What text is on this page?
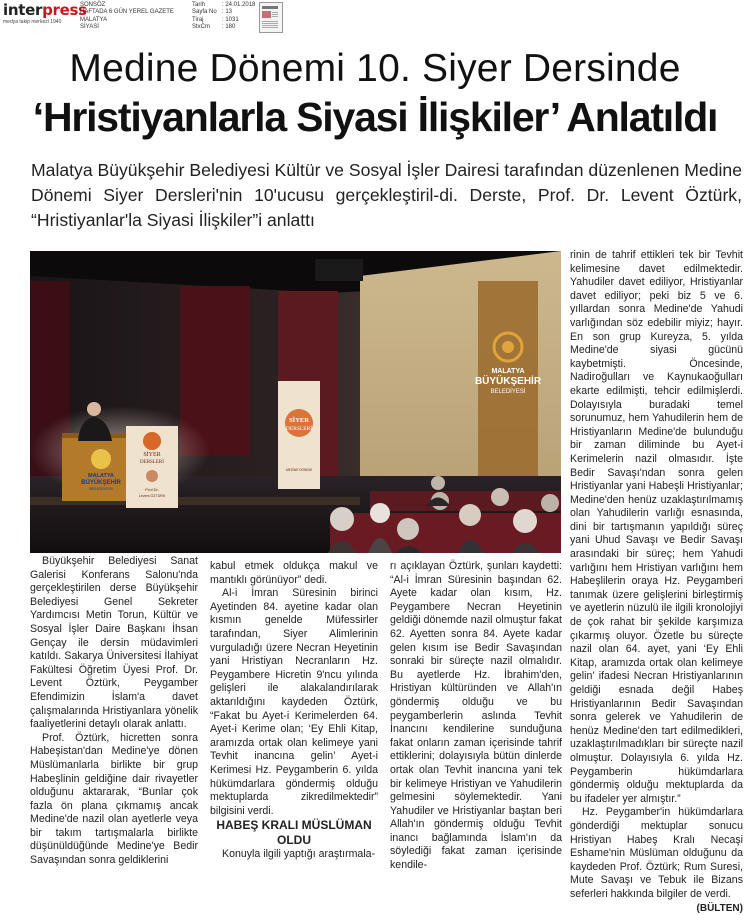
interpress
medya takip merkezi 1940
SONSÖZ
HAFTADA 6 GÜN YEREL GAZETE
MALATYA
SİYASİ
Tarih	: 24.01.2018
Sayfa No : 13
Tiraj	: 1031
StxCm : 180
Medine Dönemi 10. Siyer Dersinde
‘Hristiyanlarla Siyasi İlişkiler’ Anlatıldı
Malatya Büyükşehir Belediyesi Kültür ve Sosyal İşler Dairesi tarafından düzenlenen Medine Dönemi Siyer Dersleri'nin 10'ucusu gerçekleştiril-di. Derste, Prof. Dr. Levent Öztürk, “Hristiyanlar'la Siyasi İlişkiler”i anlattı
MALATYA
BÜYÜKŞEHİR
BELEDİYESİ
SİYER
DERSLERİ
Prof.Dr.
Levent ÖZTÜRK
SİYER
DERSLERİ
MEDİNE DÖNEMİ
MALATYA
BÜYÜKŞEHİR
BELEDİYESİ

Büyükşehir Belediyesi Sanat Galerisi Konferans Salonu'nda gerçekleştirilen derse Büyükşehir Belediyesi Genel Sekreter Yardımcısı Metin Torun, Kültür ve Sosyal İşler Daire Başkanı İhsan Gençay ile dersin müdavimleri katıldı. Sakarya Üniversitesi İlahiyat Fakültesi Öğretim Üyesi Prof. Dr. Levent Öztürk, Peygamber Efendimizin İslam'a davet çalışmalarında Hristiyanlara yönelik faaliyetlerini detaylı olarak anlattı.

Prof. Öztürk, hicretten sonra Habeşistan'dan Medine'ye dönen Müslümanlarla birlikte bir grup Habeşlinin geldiğine dair rivayetler olduğunu aktararak, “Bunlar çok fazla ön plana çıkmamış ancak Medine'de nazil olan ayetlerle veya bir takım tartışmalarla birlikte düşünüldüğünde Medine'ye Bedir Savaşından sonra geldiklerini

kabul etmek oldukça makul ve mantıklı görünüyor” dedi.

Al-i İmran Süresinin birinci Ayetinden 84. ayetine kadar olan kısmın genelde Müfessirler tarafından, Siyer Alimlerinin vurguladığı üzere Necran Heyetinin yani Hristiyan Necranların Hz. Peygambere Hicretin 9'ncu yılında gelişleri ile alakalandırılarak aktarıldığını kaydeden Öztürk, “Fakat bu Ayet-i Kerimelerden 64. Ayet-i Kerime olan; ‘Ey Ehli Kitap, aramızda ortak olan kelimeye yani Tevhit inancına gelin’ Ayet-i Kerimesi Hz. Peygamberin 6. yılda hükümdarlara göndermiş olduğu mektuplarda zikredilmektedir” bilgisini verdi.

HABEŞ KRALI MÜSLÜMAN OLDU

Konuyla ilgili yaptığı araştırmala-

rı açıklayan Öztürk, şunları kaydetti: “Al-i İmran Süresinin başından 62. Ayete kadar olan kısım, Hz. Peygambere Necran Heyetinin geldiği dönemde nazil olmuştur fakat 62. Ayetten sonra 84. Ayete kadar gelen kısım ise Bedir Savaşından sonraki bir süreçte nazil olmalıdır. Bu ayetlerde Hz. İbrahim'den, Hristiyan kültüründen ve Allah'ın göndermiş olduğu ve bu peygamberlerin aslında Tevhit İnancını kendilerine sunduğuna fakat onların zaman içerisinde tahrif ettiklerini; dolayısıyla bütün dinlerde ortak olan Tevhit inancına yani tek bir kelimeye Hristiyan ve Yahudilerin gelmesini söylemektedir. Yani Yahudiler ve Hristiyanlar baştan beri Allah'ın göndermiş olduğu Tevhit inancı bağlamında İslam'ın da söylediği fakat zaman içerisinde kendile-

rinin de tahrif ettikleri tek bir Tevhit kelimesine davet edilmektedir. Yahudiler davet ediliyor, Hristiyanlar davet ediliyor; peki biz 5 ve 6. yıllardan sonra Medine'de Yahudi varlığından söz edebilir miyiz; hayır. En son grup Kureyza, 5. yılda Medine'de siyasi gücünü kaybetmişti. Öncesinde, Nadiroğulları ve Kaynukaoğulları ekarte edilmişti, tehcir edilmişlerdi. Dolayısıyla buradaki temel sorunumuz, hem Yahudilerin hem de Hristiyanların Medine'de bulunduğu bir zaman diliminde bu Ayet-i Kerimelerin nazil olmasıdır. İşte Bedir Savaşı'ndan sonra gelen Hristiyanlar yani Habeşli Hristiyanlar; Medine'den henüz uzaklaştırılmamış olan Yahudilerin varlığı esnasında, dini bir tartışmanın yapıldığı süreç yani Uhud Savaşı ve Bedir Savaşı arasındaki bir süreç; hem Yahudi varlığını hem Hristiyan varlığını hem Habeşlilerin oraya Hz. Peygamberi tanımak üzere gelişlerini birleştirmiş ve ayetlerin nüzulü ile ilgili kronolojiyi de çok rahat bir şekilde karşımıza çıkarmış oluyor. Özetle bu süreçte nazil olan 64. ayet, yani ‘Ey Ehli Kitap, aramızda ortak olan kelimeye gelin’ ifadesi Necran Hristiyanlarının geldiği esnada değil Habeş Hristiyanlarının Bedir Savaşından sonra gelerek ve Yahudilerin de henüz Medine'den tart edilmedikleri, uzaklaştırılmadıkları bir süreçte nazil olmuştur. Dolayısıyla 6. yılda Hz. Peygamberin hükümdarlara göndermiş olduğu mektuplarda da bu ifadeler yer almıştır.”

Hz. Peygamber'in hükümdarlara gönderdiği mektuplar sonucu Hristiyan Habeş Kralı Necaşi Eshame'nin Müslüman olduğunu da kaydeden Prof. Öztürk; Rum Suresi, Mute Savaşı ve Tebuk ile Bizans seferleri hakkında bilgiler de verdi.

(BÜLTEN)
